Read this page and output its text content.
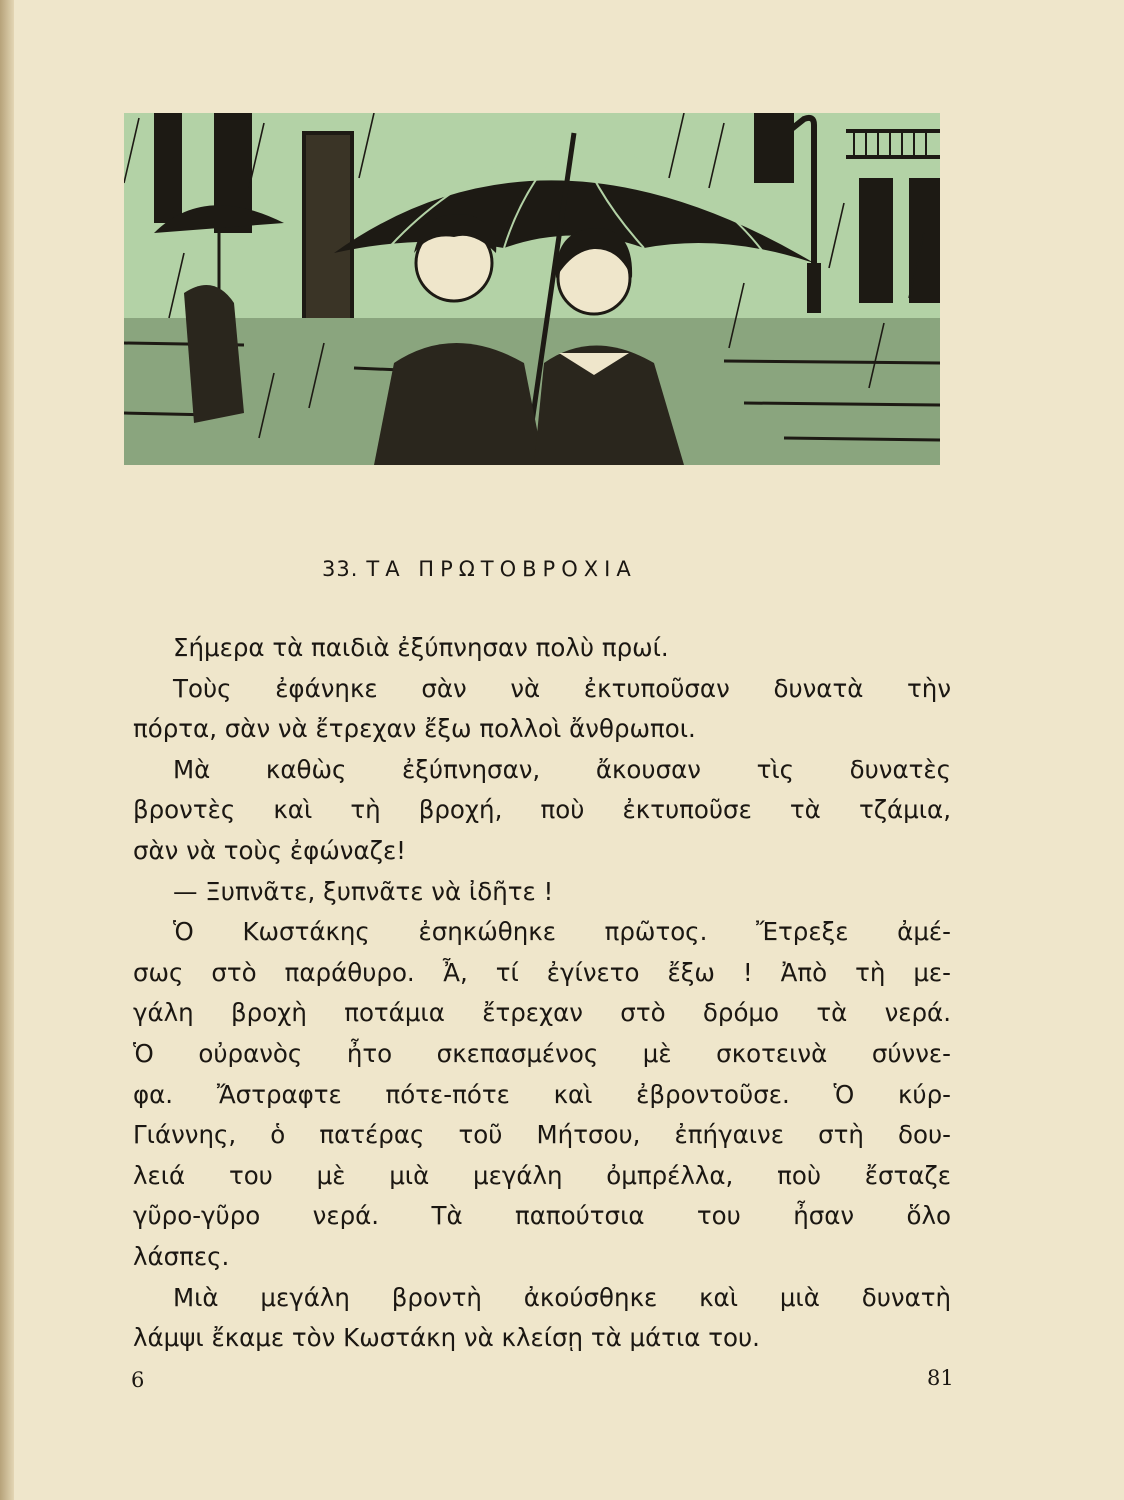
33. ΤΑ ΠΡΩΤΟΒΡΟΧΙΑ

Σήμερα τὰ παιδιὰ ἐξύπνησαν πολὺ πρωί.

Τοὺς ἐφάνηκε σὰν νὰ ἐκτυποῦσαν δυνατὰ τὴν
πόρτα, σὰν νὰ ἔτρεχαν ἔξω πολλοὶ ἄνθρωποι.

Μὰ καθὼς ἐξύπνησαν, ἄκουσαν τὶς δυνατὲς
βροντὲς καὶ τὴ βροχή, ποὺ ἐκτυποῦσε τὰ τζάμια,
σὰν νὰ τοὺς ἐφώναζε!

— Ξυπνᾶτε, ξυπνᾶτε νὰ ἰδῆτε !

Ὁ Κωστάκης ἐσηκώθηκε πρῶτος. Ἔτρεξε ἀμέ-
σως στὸ παράθυρο. Ἆ, τί ἐγίνετο ἔξω ! Ἀπὸ τὴ με-
γάλη βροχὴ ποτάμια ἔτρεχαν στὸ δρόμο τὰ νερά.
Ὁ οὐρανὸς ἦτο σκεπασμένος μὲ σκοτεινὰ σύννε-
φα. Ἄστραφτε πότε-πότε καὶ ἐβροντοῦσε. Ὁ κύρ-
Γιάννης, ὁ πατέρας τοῦ Μήτσου, ἐπήγαινε στὴ δου-
λειά του μὲ μιὰ μεγάλη ὀμπρέλλα, ποὺ ἔσταζε
γῦρο-γῦρο νερά. Τὰ παπούτσια του ἦσαν ὅλο
λάσπες.

Μιὰ μεγάλη βροντὴ ἀκούσθηκε καὶ μιὰ δυνατὴ
λάμψι ἔκαμε τὸν Κωστάκη νὰ κλείσῃ τὰ μάτια του.

6	81
